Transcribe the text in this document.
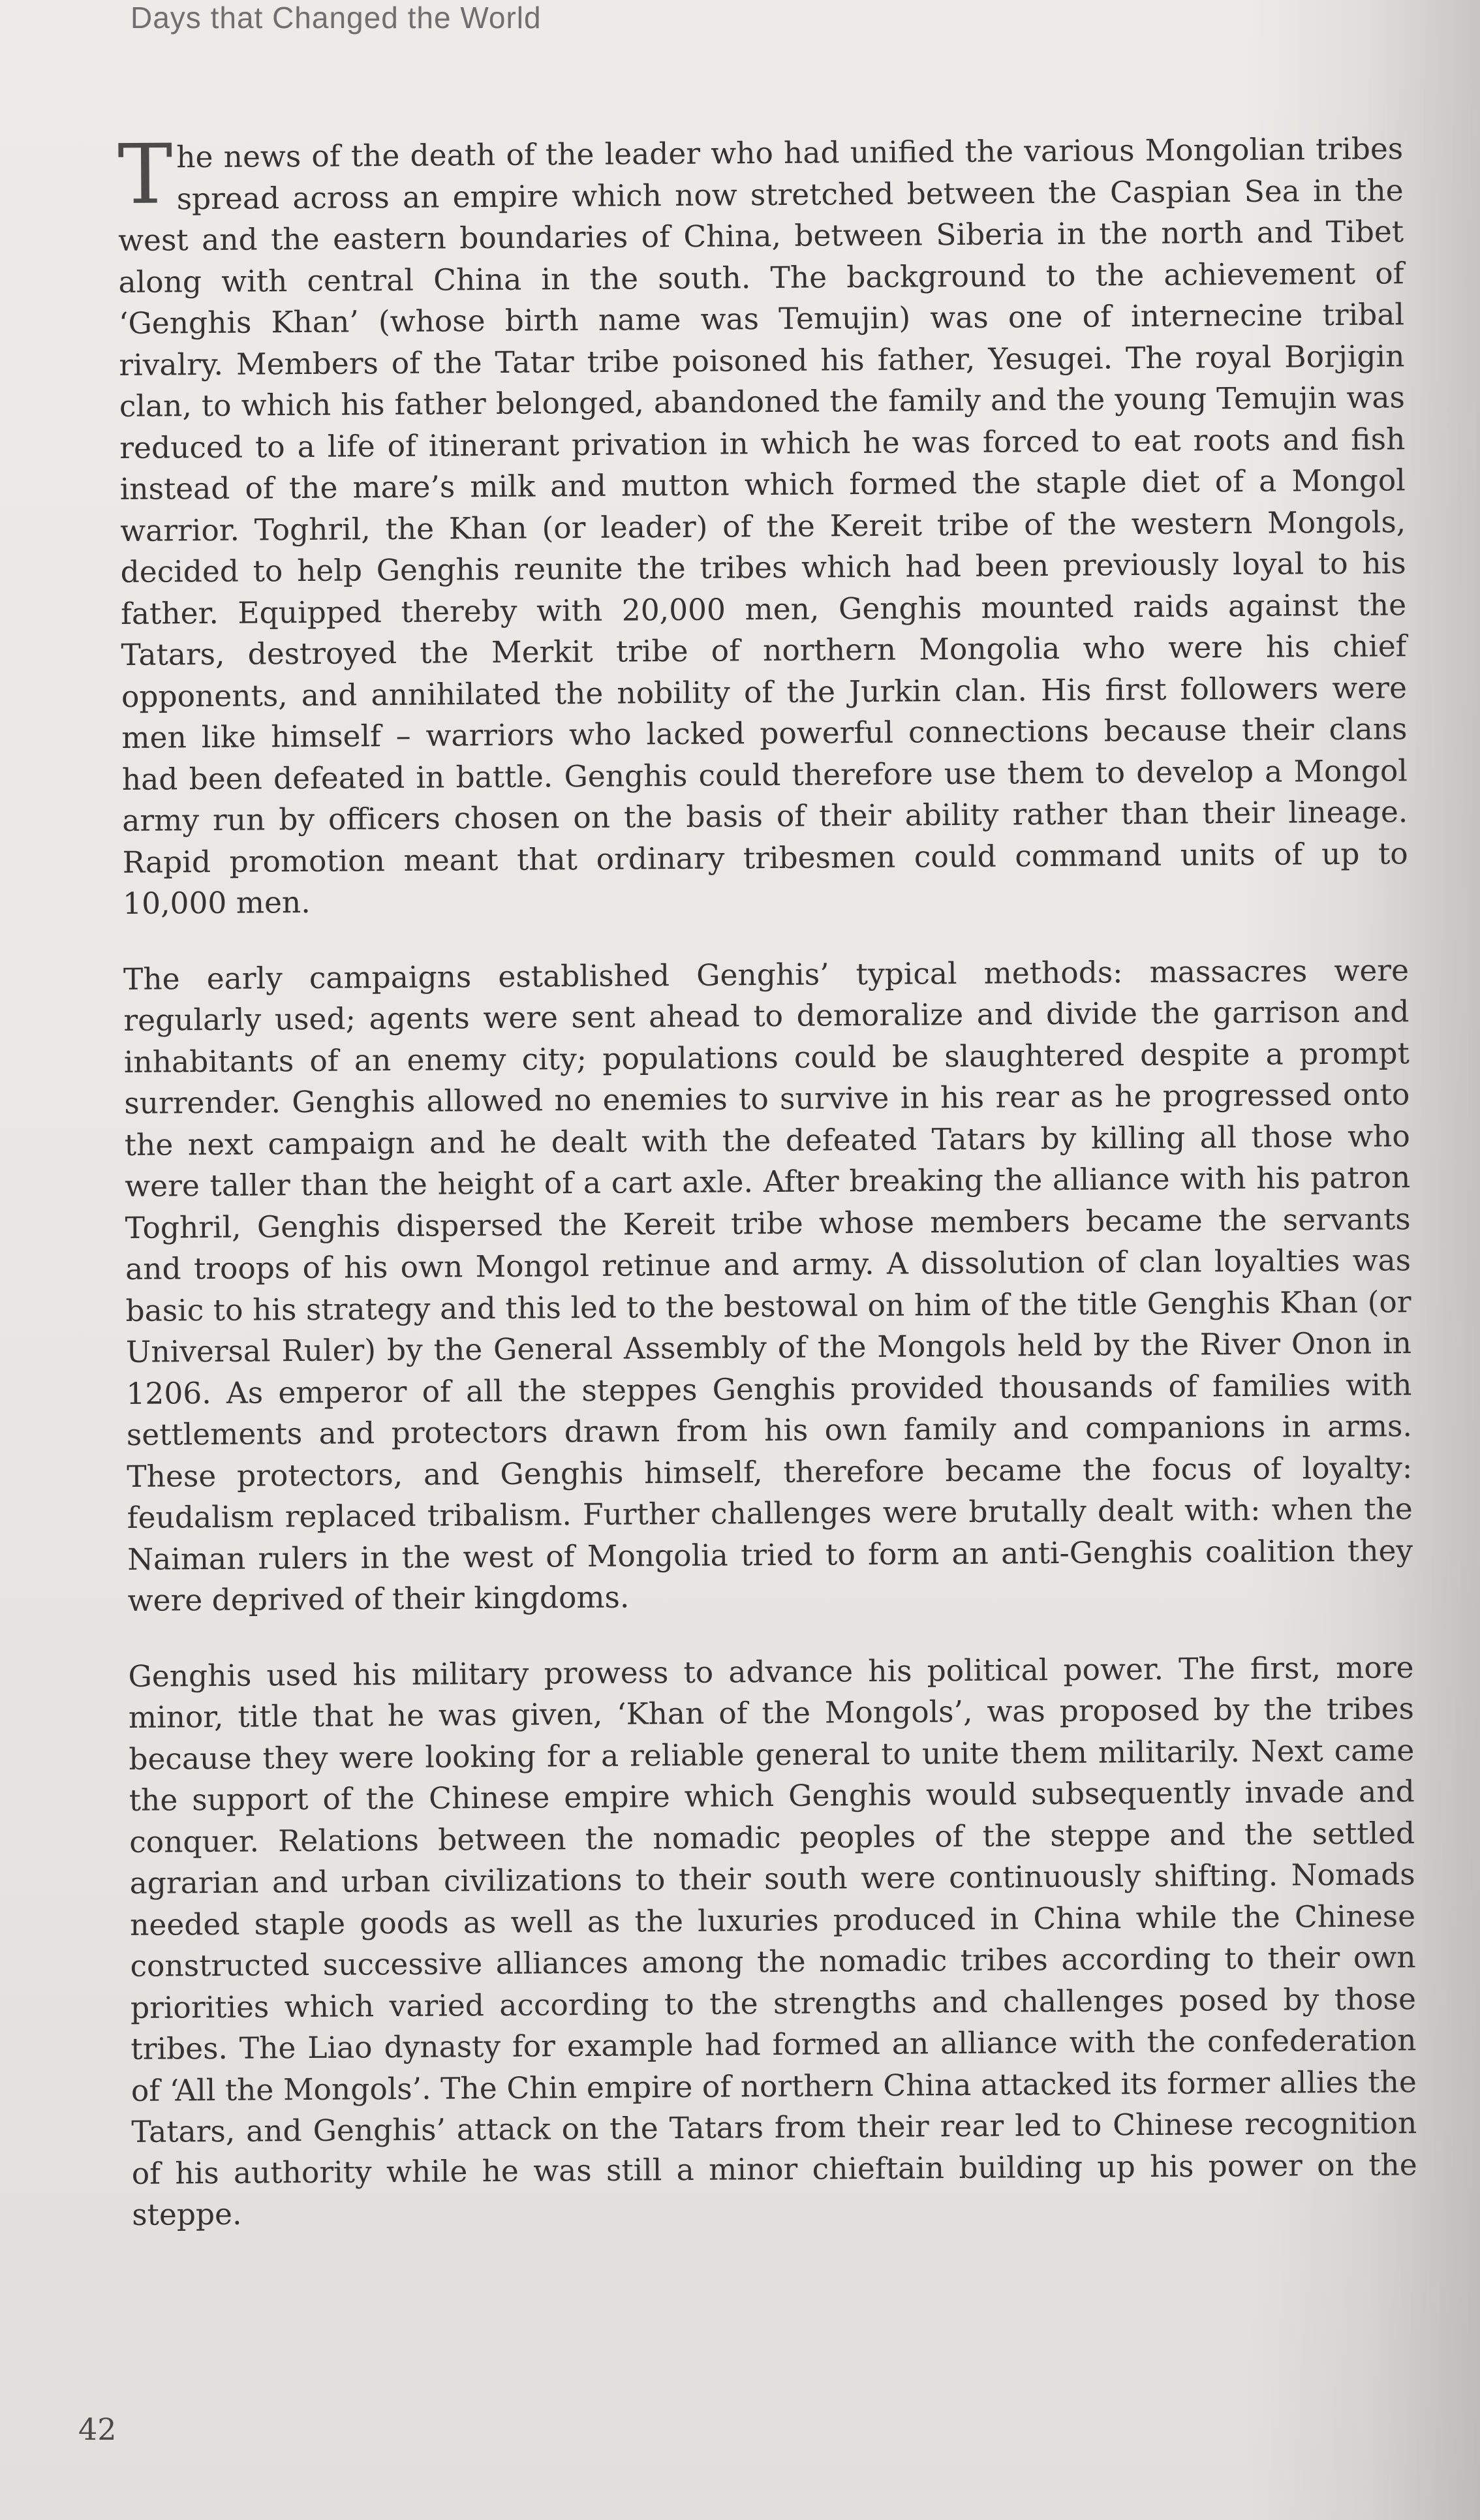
Days that Changed the World

The news of the death of the leader who had unified the various Mongolian tribes spread across an empire which now stretched between the Caspian Sea in the west and the eastern boundaries of China, between Siberia in the north and Tibet along with central China in the south. The background to the achievement of ‘Genghis Khan’ (whose birth name was Temujin) was one of internecine tribal rivalry. Members of the Tatar tribe poisoned his father, Yesugei. The royal Borjigin clan, to which his father belonged, abandoned the family and the young Temujin was reduced to a life of itinerant privation in which he was forced to eat roots and fish instead of the mare’s milk and mutton which formed the staple diet of a Mongol warrior. Toghril, the Khan (or leader) of the Kereit tribe of the western Mongols, decided to help Genghis reunite the tribes which had been previously loyal to his father. Equipped thereby with 20,000 men, Genghis mounted raids against the Tatars, destroyed the Merkit tribe of northern Mongolia who were his chief opponents, and annihilated the nobility of the Jurkin clan. His first followers were men like himself – warriors who lacked powerful connections because their clans had been defeated in battle. Genghis could therefore use them to develop a Mongol army run by officers chosen on the basis of their ability rather than their lineage. Rapid promotion meant that ordinary tribesmen could command units of up to 10,000 men.

The early campaigns established Genghis’ typical methods: massacres were regularly used; agents were sent ahead to demoralize and divide the garrison and inhabitants of an enemy city; populations could be slaughtered despite a prompt surrender. Genghis allowed no enemies to survive in his rear as he progressed onto the next campaign and he dealt with the defeated Tatars by killing all those who were taller than the height of a cart axle. After breaking the alliance with his patron Toghril, Genghis dispersed the Kereit tribe whose members became the servants and troops of his own Mongol retinue and army. A dissolution of clan loyalties was basic to his strategy and this led to the bestowal on him of the title Genghis Khan (or Universal Ruler) by the General Assembly of the Mongols held by the River Onon in 1206. As emperor of all the steppes Genghis provided thousands of families with settlements and protectors drawn from his own family and companions in arms. These protectors, and Genghis himself, therefore became the focus of loyalty: feudalism replaced tribalism. Further challenges were brutally dealt with: when the Naiman rulers in the west of Mongolia tried to form an anti-Genghis coalition they were deprived of their kingdoms.

Genghis used his military prowess to advance his political power. The first, more minor, title that he was given, ‘Khan of the Mongols’, was proposed by the tribes because they were looking for a reliable general to unite them militarily. Next came the support of the Chinese empire which Genghis would subsequently invade and conquer. Relations between the nomadic peoples of the steppe and the settled agrarian and urban civilizations to their south were continuously shifting. Nomads needed staple goods as well as the luxuries produced in China while the Chinese constructed successive alliances among the nomadic tribes according to their own priorities which varied according to the strengths and challenges posed by those tribes. The Liao dynasty for example had formed an alliance with the confederation of ‘All the Mongols’. The Chin empire of northern China attacked its former allies the Tatars, and Genghis’ attack on the Tatars from their rear led to Chinese recognition of his authority while he was still a minor chieftain building up his power on the steppe.

42
